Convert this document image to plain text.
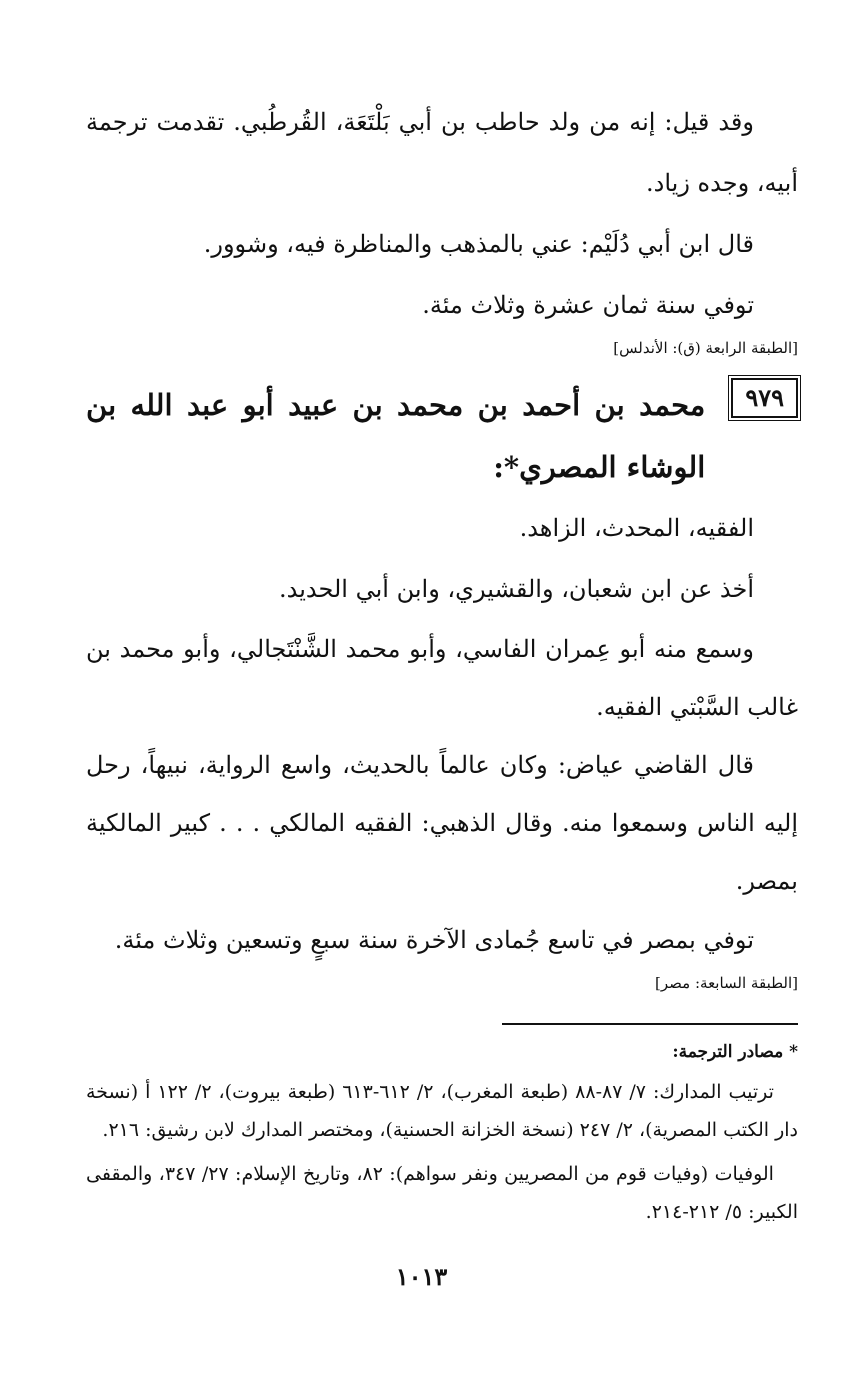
وقد قيل: إنه من ولد حاطب بن أبي بَلْتَعَة، القُرطُبي. تقدمت ترجمة أبيه، وجده زياد.

قال ابن أبي دُلَيْم: عني بالمذهب والمناظرة فيه، وشوور.

توفي سنة ثمان عشرة وثلاث مئة.

[الطبقة الرابعة (ق): الأندلس]

٩٧٩

محمد بن أحمد بن محمد بن عبيد أبو عبد الله بن الوشاء المصري*:

الفقيه، المحدث، الزاهد.

أخذ عن ابن شعبان، والقشيري، وابن أبي الحديد.

وسمع منه أبو عِمران الفاسي، وأبو محمد الشَّنْتَجالي، وأبو محمد بن غالب السَّبْتي الفقيه.

قال القاضي عياض: وكان عالماً بالحديث، واسع الرواية، نبيهاً، رحل إليه الناس وسمعوا منه. وقال الذهبي: الفقيه المالكي . . . كبير المالكية بمصر.

توفي بمصر في تاسع جُمادى الآخرة سنة سبعٍ وتسعين وثلاث مئة.

[الطبقة السابعة: مصر]

* مصادر الترجمة:

ترتيب المدارك: ٧/ ٨٧-٨٨ (طبعة المغرب)، ٢/ ٦١٢-٦١٣ (طبعة بيروت)، ٢/ ١٢٢ أ (نسخة دار الكتب المصرية)، ٢/ ٢٤٧ (نسخة الخزانة الحسنية)، ومختصر المدارك لابن رشيق: ٢١٦.

الوفيات (وفيات قوم من المصريين ونفر سواهم): ٨٢، وتاريخ الإسلام: ٢٧/ ٣٤٧، والمقفى الكبير: ٥/ ٢١٢-٢١٤.

١٠١٣
